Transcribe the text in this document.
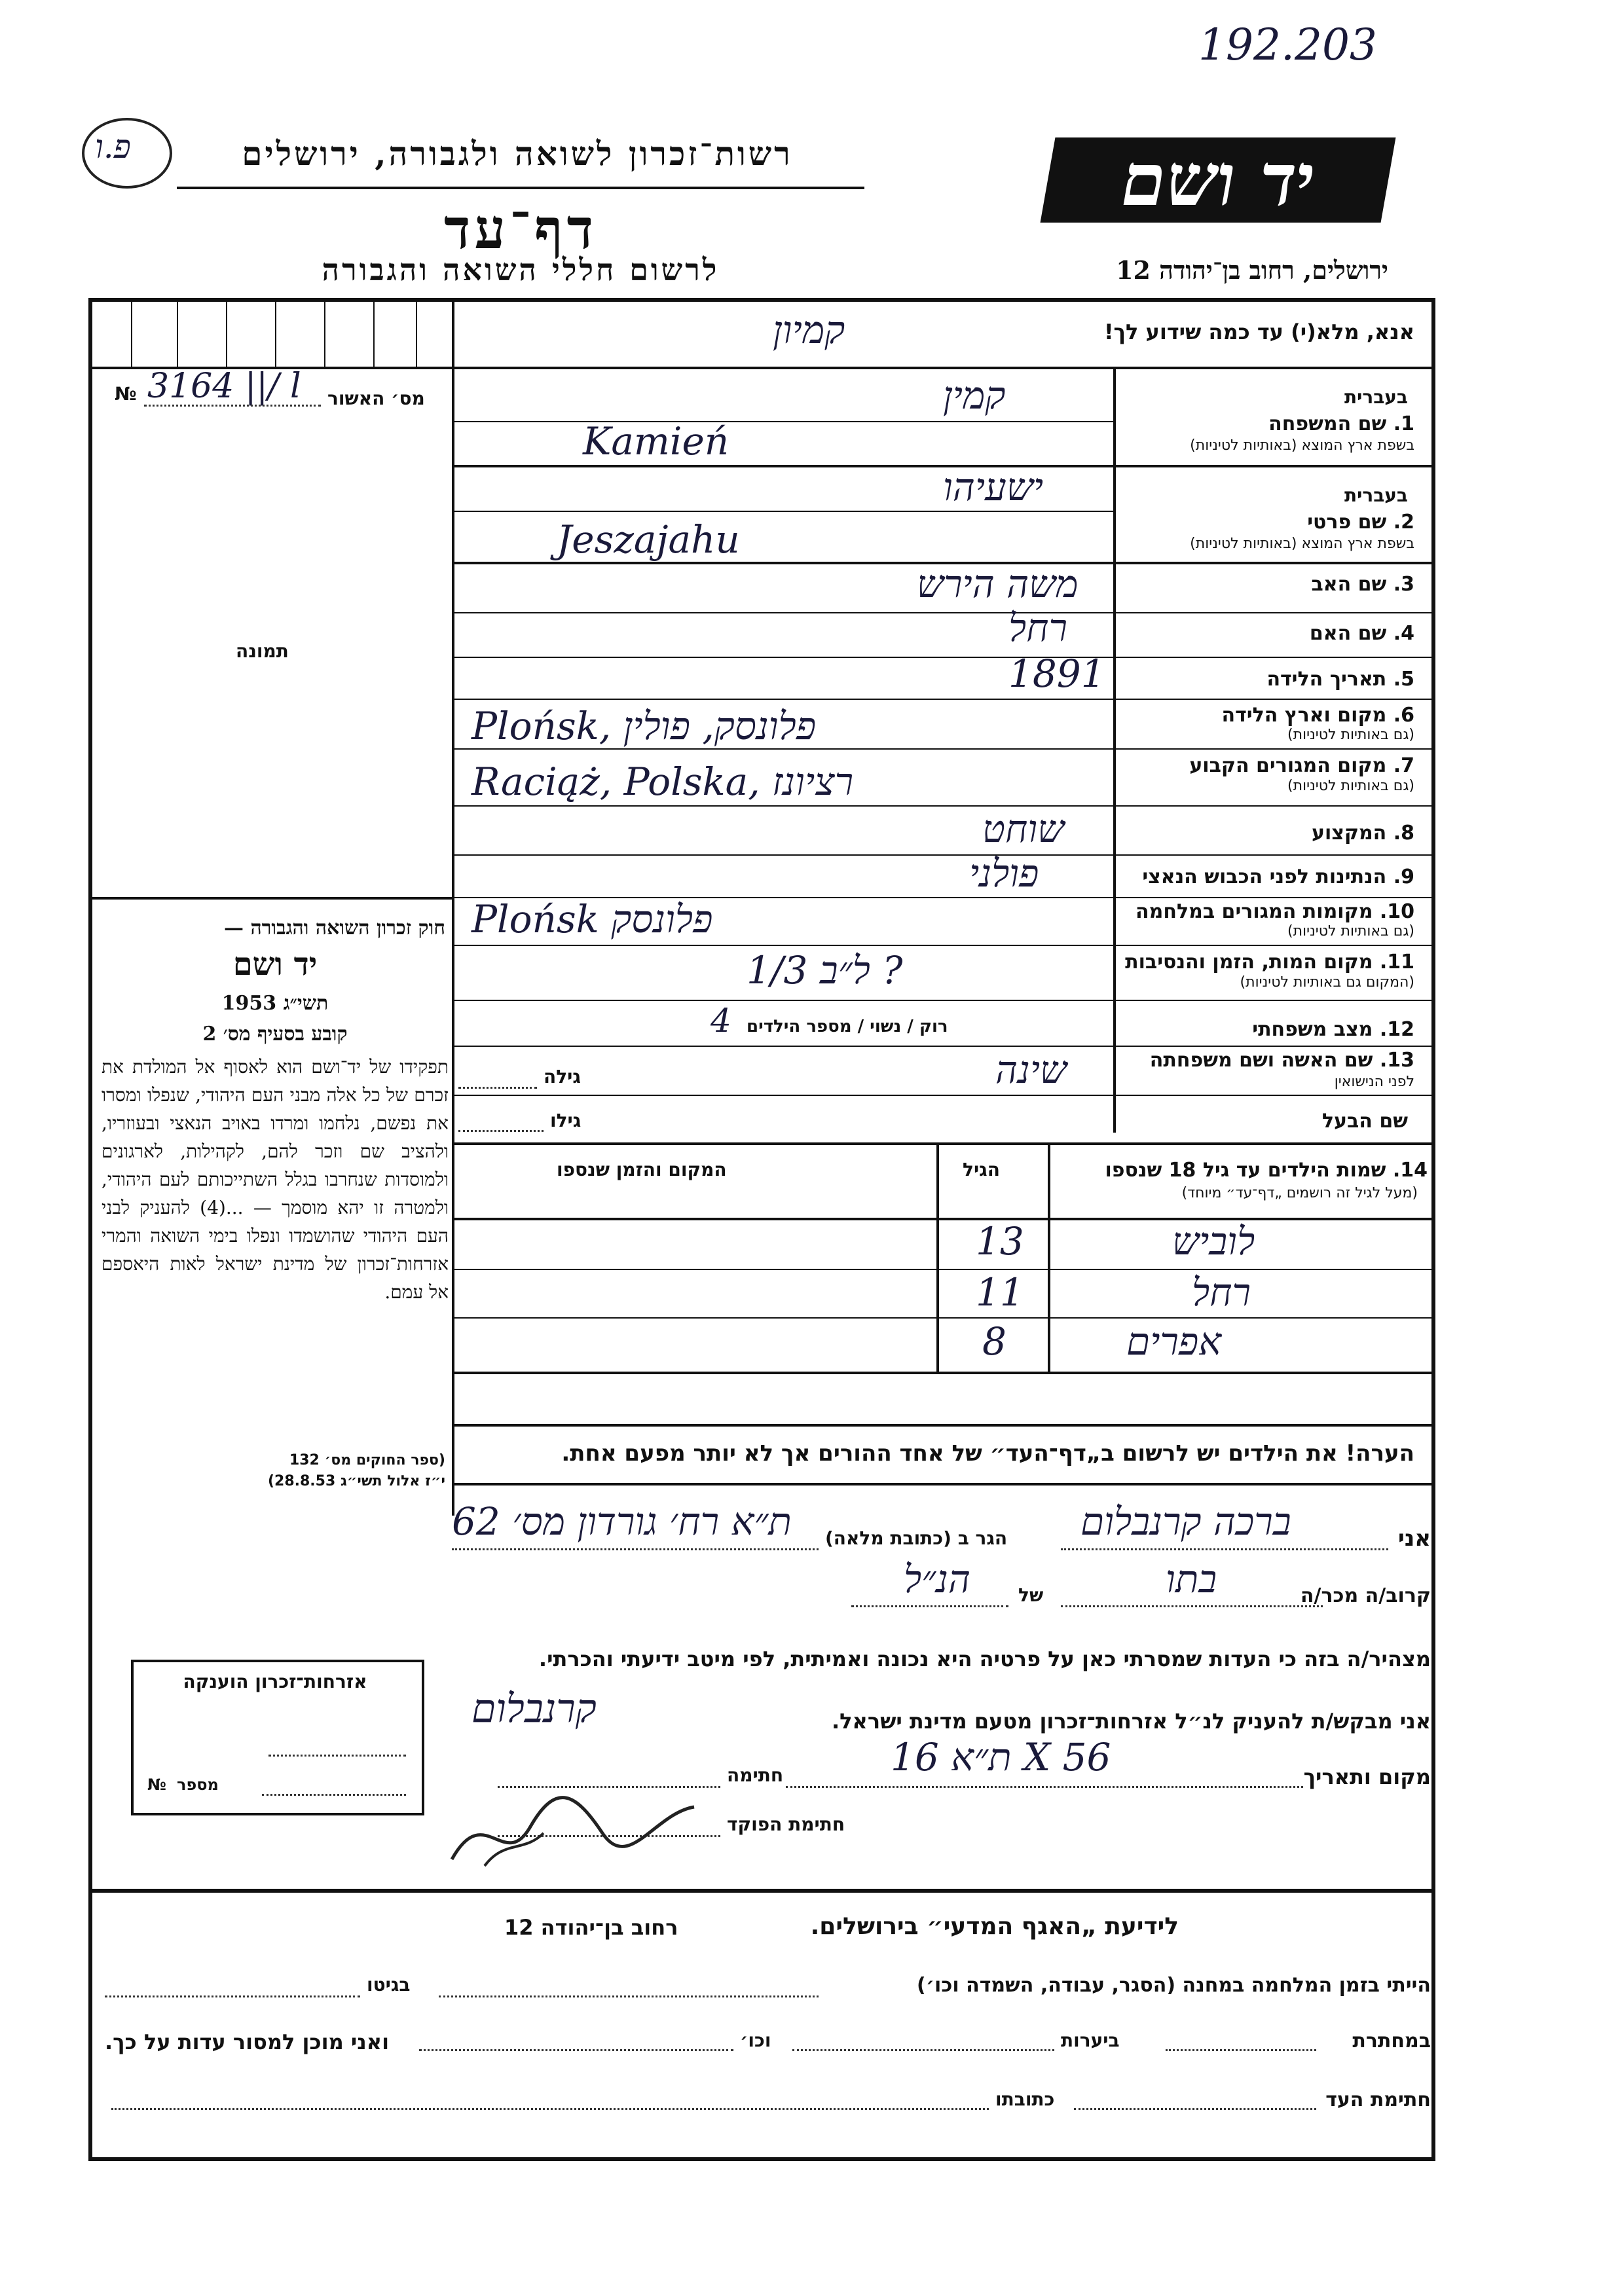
192.203
פ.ו	רשות־זכרון לשואה ולגבורה, ירושלים
דף־עד
לרשום חללי השואה והגבורה
יד ושם
ירושלים, רחוב בן־יהודה 12
אנא, מלא(י) עד כמה שידוע לך!
קמיון
№ 3164 ||/ l מס׳ האשור
תמונה
בעברית
1. שם המשפחה
בשפת ארץ המוצא (באותיות לטיניות)
קמין
Kamień
בעברית
2. שם פרטי
בשפת ארץ המוצא (באותיות לטיניות)
ישעיהו
Jeszajahu
3. שם האב
משה הירש
4. שם האם
רחל
5. תאריך הלידה
1891
6. מקום וארץ הלידה
(גם באותיות לטיניות)
Plońsk, פלונסק, פולין
7. מקום המגורים הקבוע
(גם באותיות לטיניות)
Raciąż, Polska, רציונז
8. המקצוע
שוחט
9. הנתינות לפני הכבוש הנאצי
פולני
10. מקומות המגורים במלחמה
(גם באותיות לטיניות)
Plońsk פלונסק
11. מקום המות, הזמן והנסיבות
(המקום גם באותיות לטיניות)
ל״ב 1/3 ?
12. מצב משפחתי
רוק / נשוי / מספר הילדים
4
13. שם האשה ושם משפחתה
לפני הנישואין
גילה	שינה
שם הבעל
גילו
חוק זכרון השואה והגבורה —
יד ושם
תשי״ג 1953
קובע בסעיף מס׳ 2
תפקידו של יד־ושם הוא לאסוף אל המולדת את זכרם של כל אלה מבני העם היהודי, שנפלו ומסרו את נפשם, נלחמו ומרדו באויב הנאצי ובעוזריו, ולהציב שם וזכר להם, לקהילות, לארגונים ולמוסדות שנחרבו בגלל השתייכותם לעם היהודי, ולמטרה זו יהא מוסמך — ...(4) להעניק לבני העם היהודי שהושמדו ונפלו בימי השואה והמרי אזרחות־זכרון של מדינת ישראל לאות היאספם אל עמם.
(ספר החוקים מס׳ 132
י״ז אלול תשי״ג 28.8.53)
14. שמות הילדים עד גיל 18 שנספו
(מעל לגיל זה רושמים „דף־עד״ מיוחד)
הגיל
המקום והזמן שנספו
לוביש
13
רחל
11
אפרים
8
הערה! את הילדים יש לרשום ב„דף־העד״ של אחד ההורים אך לא יותר מפעם אחת.
אני
ברכה קרנבלום
הגר ב (כתובת מלאה)
ת״א רח׳ גורדון מס׳ 62
קרוב/ה מכר/ה
בתו
של
הנ״ל
מצהיר/ה בזה כי העדות שמסרתי כאן על פרטיה היא נכונה ואמיתית, לפי מיטב ידיעתי והכרתי.
אני מבקש/ת להעניק לנ״ל אזרחות־זכרון מטעם מדינת ישראל.
קרנבלום
מקום ותאריך
ת״א 16 X 56
חתימה
חתימת הפוקד
אזרחות־זכרון הוענקה
מספר
№
לידיעת „האגף המדעי״ בירושלים.
רחוב בן־יהודה 12
הייתי בזמן המלחמה במחנה (הסגר, עבודה, השמדה וכו׳)
בגיטו
במחתרת
ביערות
וכו׳
ואני מוכן למסור עדות על כך.
חתימת העד
כתובתו
